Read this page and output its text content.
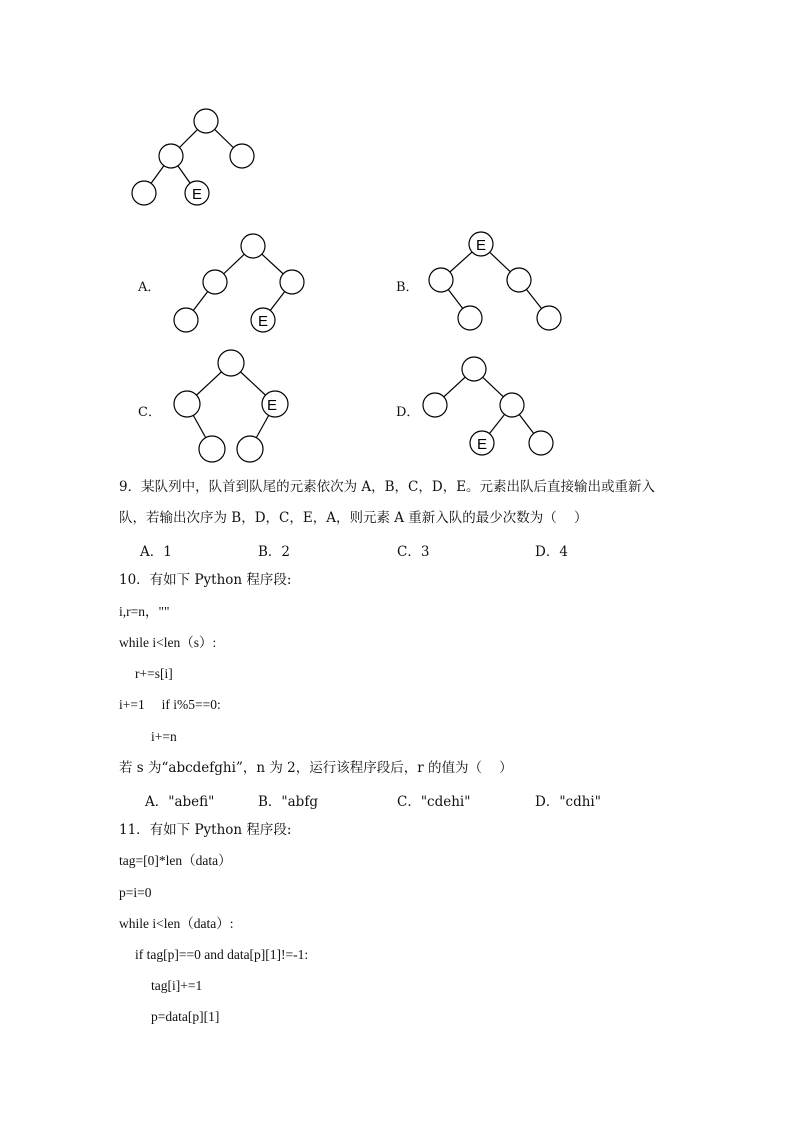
E
A．
E
B．
E
C．	E	D．
E
9．某队列中，队首到队尾的元素依次为 A，B，C，D，E。元素出队后直接输出或重新入
队，若输出次序为 B，D，C，E，A，则元素 A 重新入队的最少次数为（    ）
A．1	B．2	C．3	D．4
10．有如下 Python 程序段:
i,r=n，""
while i<len（s）:
r+=s[i]
i+=1     if i%5==0:
i+=n
若 s 为“abcdefghi”，n 为 2，运行该程序段后，r 的值为（    ）
A．"abefi"	B．"abfg	C．"cdehi"	D．"cdhi"
11．有如下 Python 程序段:
tag=[0]*len（data）
p=i=0
while i<len（data）:
if tag[p]==0 and data[p][1]!=-1:
tag[i]+=1
p=data[p][1]
